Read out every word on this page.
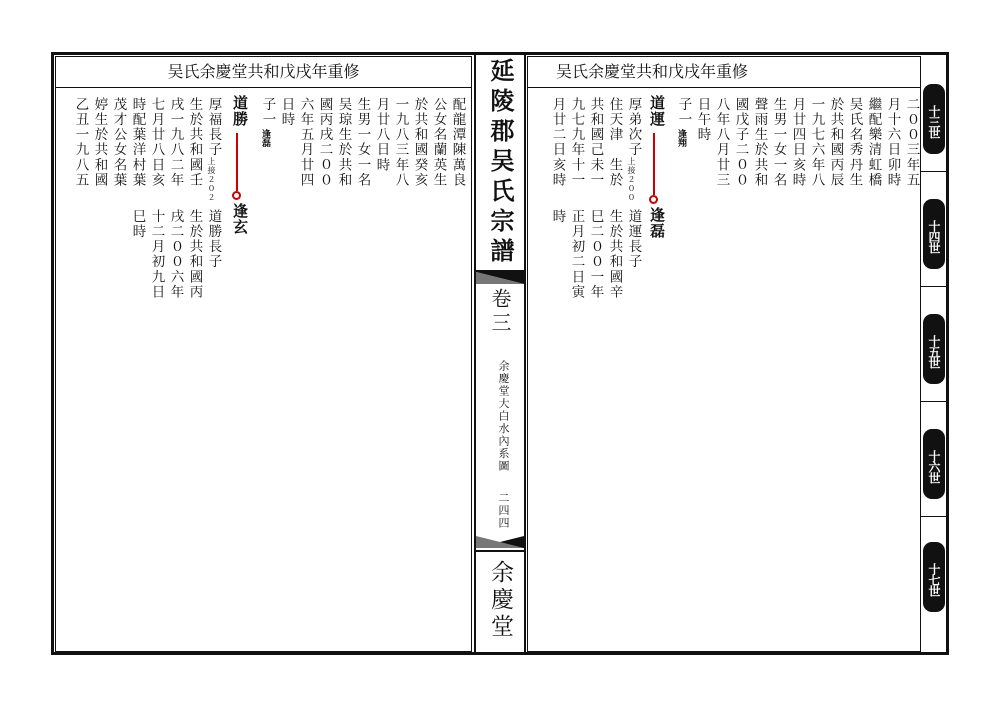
吴氏余慶堂共和戊戌年重修
配龍潭陳萬良
公女名蘭英生
於共和國癸亥
一九八三年八
月廿八日時
生男一女一名
吴琼生於共和
國丙戌二００
六年五月廿四
日時
子一
逢磊
道勝
逢玄
厚福長子
上接２０２
生於共和國壬
戌一九八二年
七月廿八日亥
時配葉洋村葉
茂才公女名葉
婷生於共和國
乙丑一九八五
道勝長子
生於共和國丙
戌二００六年
十二月初九日
巳時	延陵郡吴氏宗譜
卷三
余慶堂大白水內系圖
二四四
余慶堂
吴氏余慶堂共和戊戌年重修
二００三年五
月十六日卯時
繼配樂清虹橋
吴氏名秀丹生
於共和國丙辰
一九七六年八
月廿四日亥時
生男一女一名
聲雨生於共和
國戊子二００
八年八月廿三
日午時
子一
逢翔
道運
逢磊
厚弟次子
上接２００
住天津　生於
共和國己未一
九七九年十一
月廿二日亥時
道運長子
生於共和國辛
巳二００一年
正月初二日寅
時
十三世
十四世
十五世
十六世
十七世
